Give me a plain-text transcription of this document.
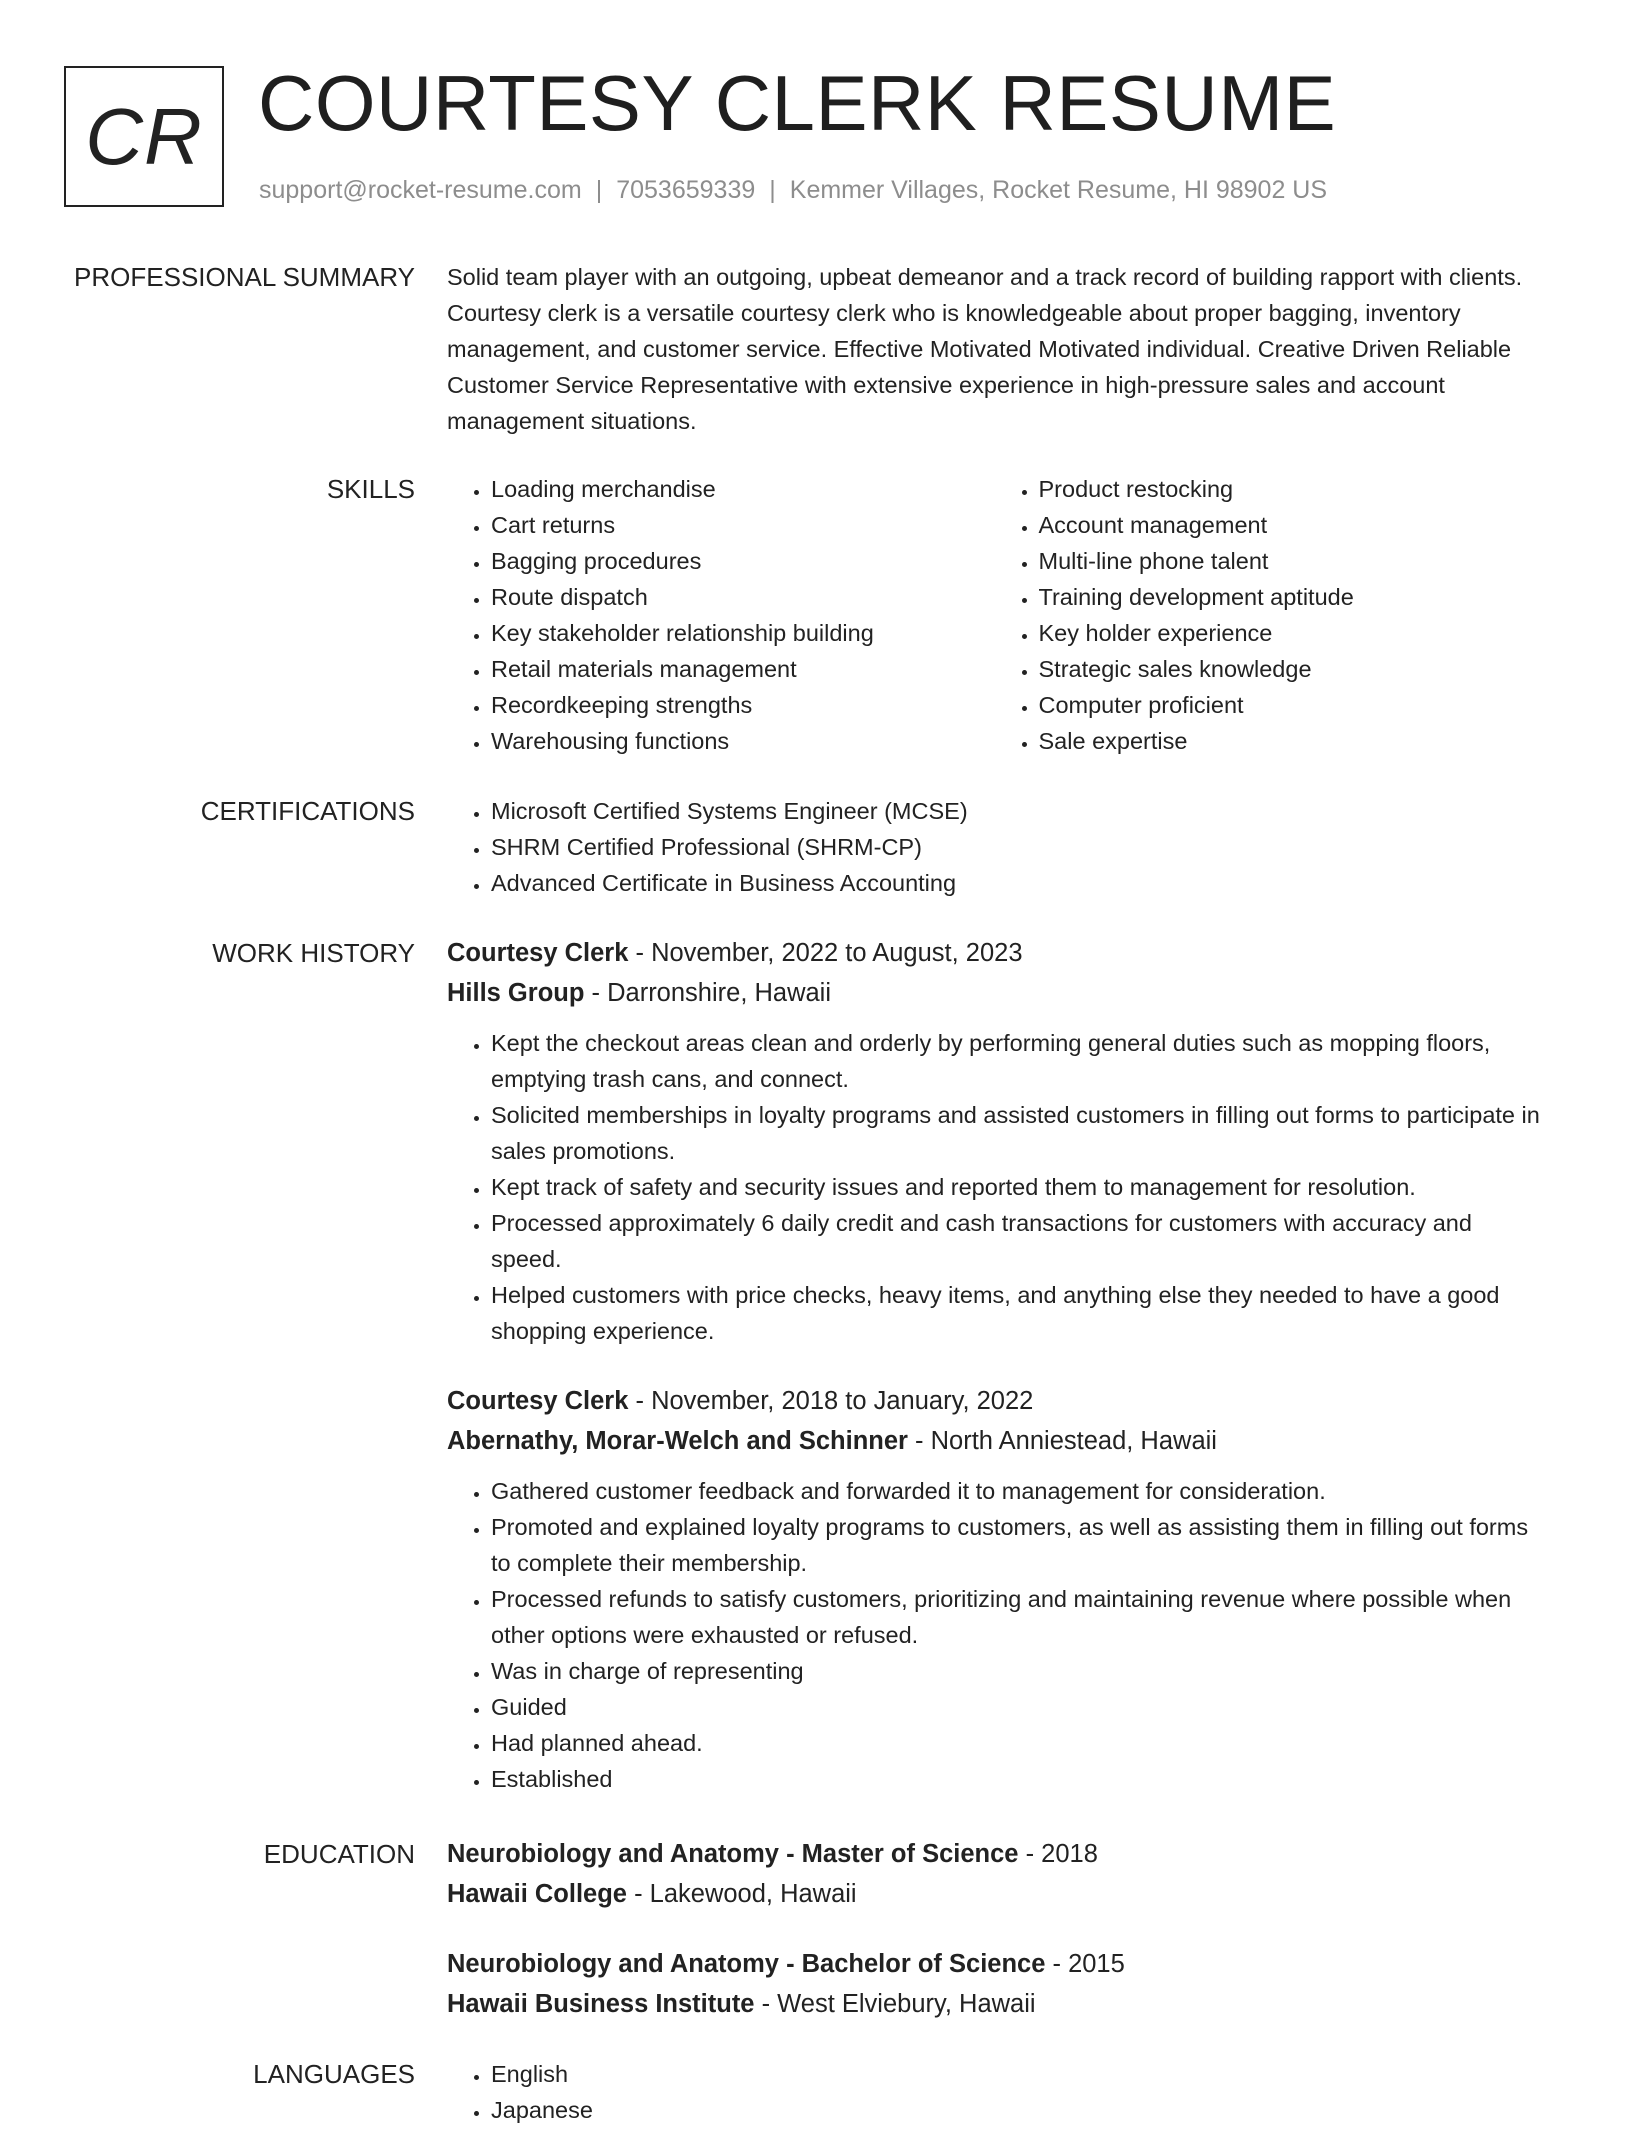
CR COURTESY CLERK RESUME
support@rocket-resume.com | 7053659339 | Kemmer Villages, Rocket Resume, HI 98902 US
PROFESSIONAL SUMMARY Solid team player with an outgoing, upbeat demeanor and a track record of building rapport with clients. Courtesy clerk is a versatile courtesy clerk who is knowledgeable about proper bagging, inventory management, and customer service. Effective Motivated Motivated individual. Creative Driven Reliable Customer Service Representative with extensive experience in high-pressure sales and account management situations.
SKILLS	• Loading merchandise
• Cart returns
• Bagging procedures
• Route dispatch
• Key stakeholder relationship building
• Retail materials management
• Recordkeeping strengths
• Warehousing functions
• Product restocking
• Account management
• Multi-line phone talent
• Training development aptitude
• Key holder experience
• Strategic sales knowledge
• Computer proficient
• Sale expertise
CERTIFICATIONS	• Microsoft Certified Systems Engineer (MCSE)
• SHRM Certified Professional (SHRM-CP)
• Advanced Certificate in Business Accounting
WORK HISTORY Courtesy Clerk - November, 2022 to August, 2023
Hills Group - Darronshire, Hawaii
• Kept the checkout areas clean and orderly by performing general duties such as mopping floors, emptying trash cans, and connect.
• Solicited memberships in loyalty programs and assisted customers in filling out forms to participate in sales promotions.
• Kept track of safety and security issues and reported them to management for resolution.
• Processed approximately 6 daily credit and cash transactions for customers with accuracy and speed.
• Helped customers with price checks, heavy items, and anything else they needed to have a good shopping experience.
Courtesy Clerk - November, 2018 to January, 2022
Abernathy, Morar-Welch and Schinner - North Anniestead, Hawaii
• Gathered customer feedback and forwarded it to management for consideration.
• Promoted and explained loyalty programs to customers, as well as assisting them in filling out forms to complete their membership.
• Processed refunds to satisfy customers, prioritizing and maintaining revenue where possible when other options were exhausted or refused.
• Was in charge of representing
• Guided
• Had planned ahead.
• Established
EDUCATION Neurobiology and Anatomy - Master of Science - 2018
Hawaii College - Lakewood, Hawaii
Neurobiology and Anatomy - Bachelor of Science - 2015
Hawaii Business Institute - West Elviebury, Hawaii
LANGUAGES	• English
• Japanese
